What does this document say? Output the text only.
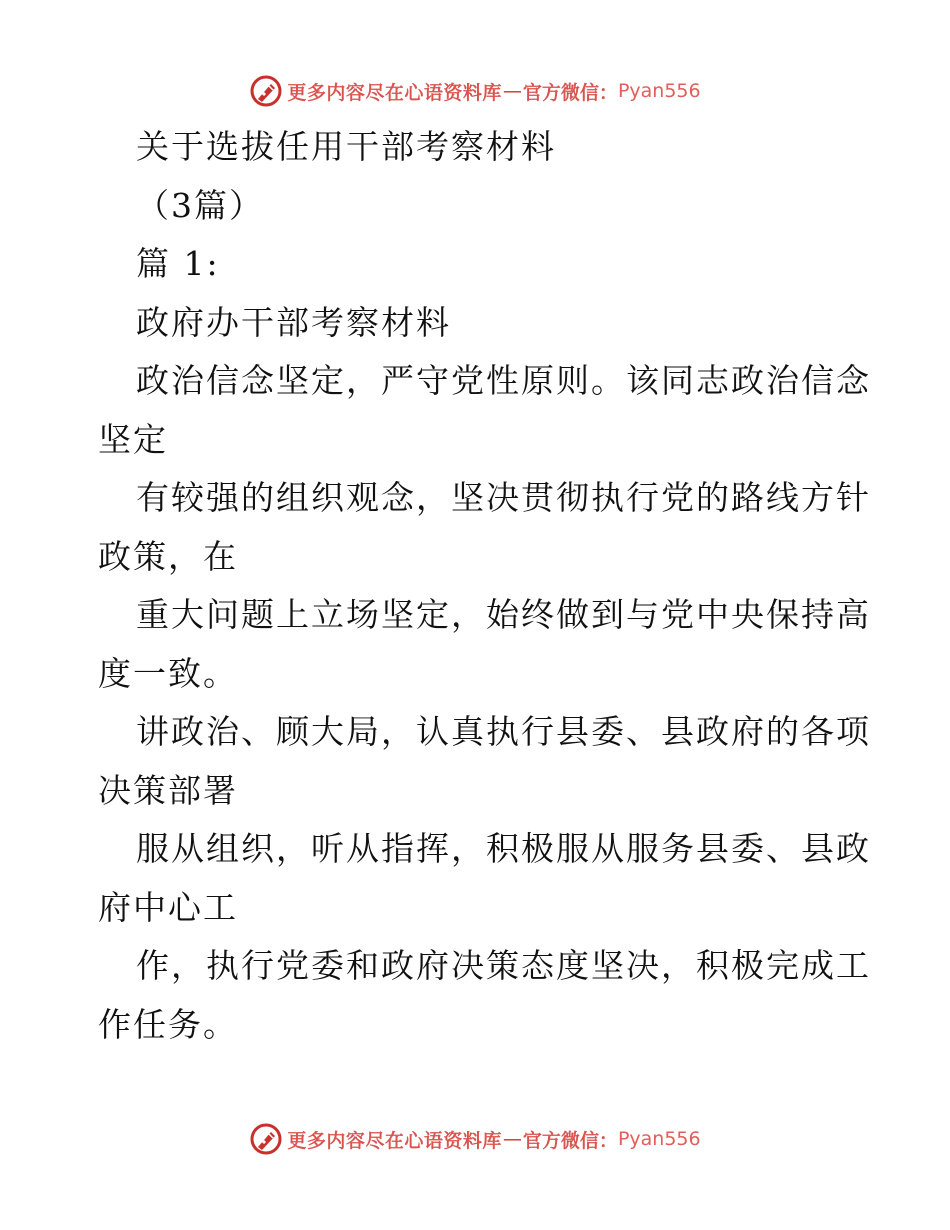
更多内容尽在心语资料库 — 官方微信： Pyan556
关于选拔任用干部考察材料
（3篇）
篇 1:
政府办干部考察材料
政治信念坚定，严守党性原则。该同志政治信念
坚定
有较强的组织观念，坚决贯彻执行党的路线方针
政策，在
重大问题上立场坚定，始终做到与党中央保持高
度一致。
讲政治、顾大局，认真执行县委、县政府的各项
决策部署
服从组织，听从指挥，积极服从服务县委、县政
府中心工
作，执行党委和政府决策态度坚决，积极完成工
作任务。
更多内容尽在心语资料库 — 官方微信： Pyan556
